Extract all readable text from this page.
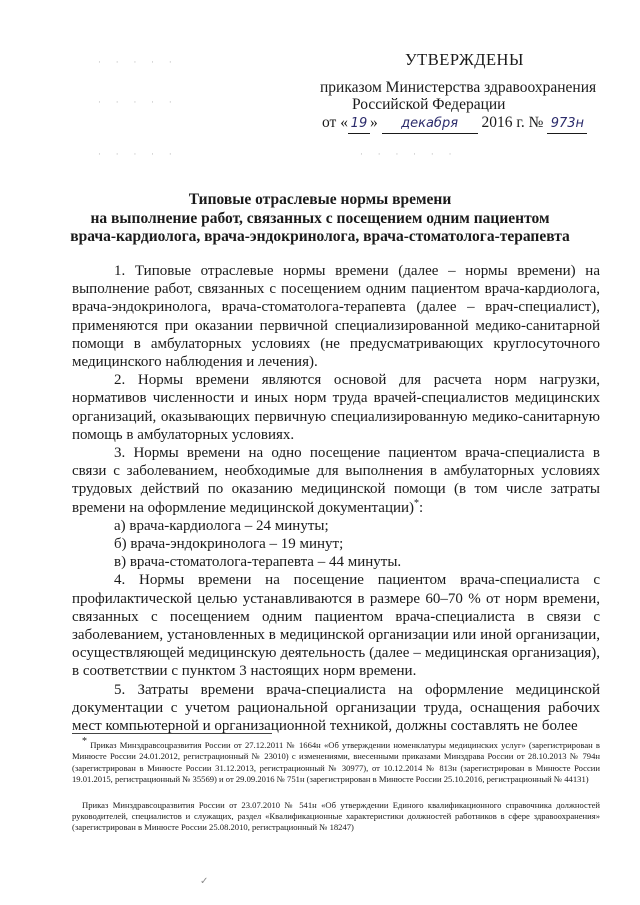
УТВЕРЖДЕНЫ
приказом Министерства здравоохранения
Российской Федерации
от « 19 » декабря 2016 г. № 973н
· · · · ·
· · · · ·
· · · · ·	· · · · · ·
Типовые отраслевые нормы времени
на выполнение работ, связанных с посещением одним пациентом
врача-кардиолога, врача-эндокринолога, врача-стоматолога-терапевта

1. Типовые отраслевые нормы времени (далее – нормы времени) на выполнение работ, связанных с посещением одним пациентом врача-кардиолога, врача-эндокринолога, врача-стоматолога-терапевта (далее – врач-специалист), применяются при оказании первичной специализированной медико-санитарной помощи в амбулаторных условиях (не предусматривающих круглосуточного медицинского наблюдения и лечения).

2. Нормы времени являются основой для расчета норм нагрузки, нормативов численности и иных норм труда врачей-специалистов медицинских организаций, оказывающих первичную специализированную медико-санитарную помощь в амбулаторных условиях.

3. Нормы времени на одно посещение пациентом врача-специалиста в связи с заболеванием, необходимые для выполнения в амбулаторных условиях трудовых действий по оказанию медицинской помощи (в том числе затраты времени на оформление медицинской документации)*:

а) врача-кардиолога – 24 минуты;

б) врача-эндокринолога – 19 минут;

в) врача-стоматолога-терапевта – 44 минуты.

4. Нормы времени на посещение пациентом врача-специалиста с профилактической целью устанавливаются в размере 60–70 % от норм времени, связанных с посещением одним пациентом врача-специалиста в связи с заболеванием, установленных в медицинской организации или иной организации, осуществляющей медицинскую деятельность (далее – медицинская организация), в соответствии с пунктом 3 настоящих норм времени.

5. Затраты времени врача-специалиста на оформление медицинской документации с учетом рациональной организации труда, оснащения рабочих мест компьютерной и организационной техникой, должны составлять не более

* Приказ Минздравсоцразвития России от 27.12.2011 № 1664н «Об утверждении номенклатуры медицинских услуг» (зарегистрирован в Минюсте России 24.01.2012, регистрационный № 23010) с изменениями, внесенными приказами Минздрава России от 28.10.2013 № 794н (зарегистрирован в Минюсте России 31.12.2013, регистрационный № 30977), от 10.12.2014 № 813н (зарегистрирован в Минюсте России 19.01.2015, регистрационный № 35569) и от 29.09.2016 № 751н (зарегистрирован в Минюсте России 25.10.2016, регистрационный № 44131)

Приказ Минздравсоцразвития России от 23.07.2010 № 541н «Об утверждении Единого квалификационного справочника должностей руководителей, специалистов и служащих, раздел «Квалификационные характеристики должностей работников в сфере здравоохранения» (зарегистрирован в Минюсте России 25.08.2010, регистрационный № 18247)

✓
